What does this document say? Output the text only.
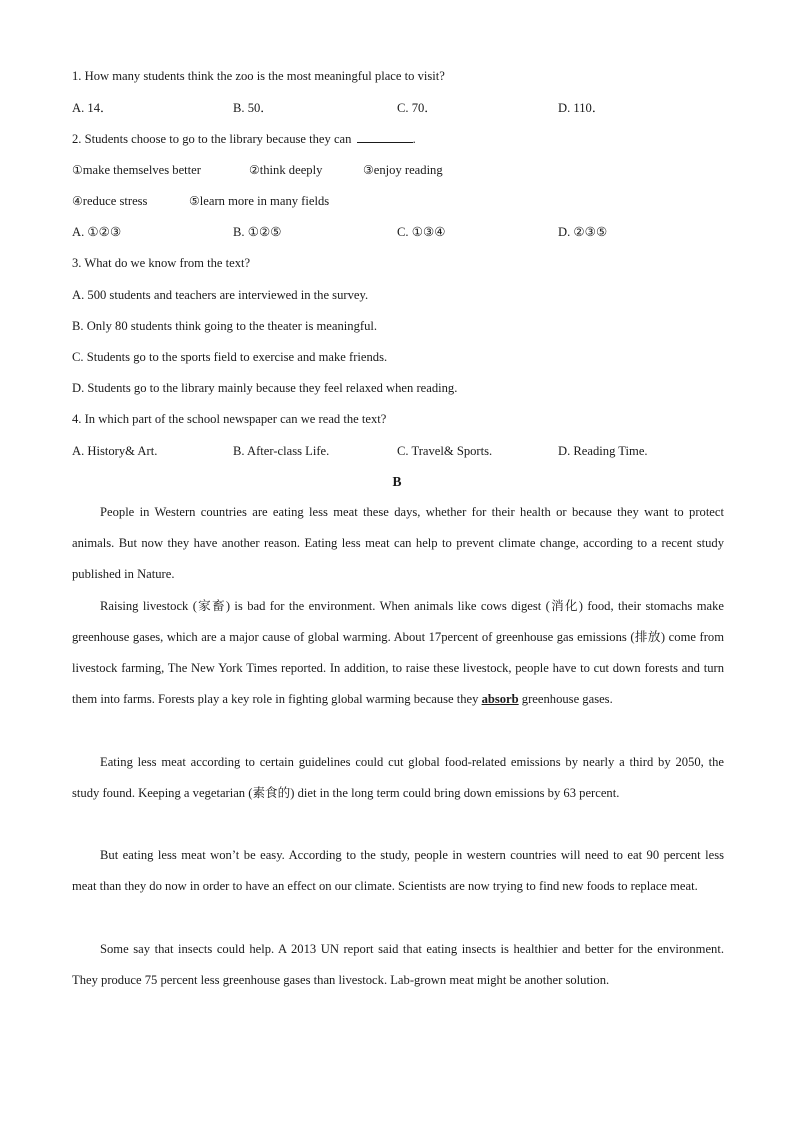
1. How many students think the zoo is the most meaningful place to visit?
A. 14．	B. 50．	C. 70．	D. 110．
2. Students choose to go to the library because they can	.
①make themselves better	②think deeply	③enjoy reading
④reduce stress	⑤learn more in many fields
A. ①②③	B. ①②⑤	C. ①③④	D. ②③⑤
3. What do we know from the text?
A. 500 students and teachers are interviewed in the survey.
B. Only 80 students think going to the theater is meaningful.
C. Students go to the sports field to exercise and make friends.
D. Students go to the library mainly because they feel relaxed when reading.
4. In which part of the school newspaper can we read the text?
A. History& Art.	B. After-class Life.	C. Travel& Sports.	D. Reading Time.
B

People in Western countries are eating less meat these days, whether for their health or because they want to protect animals. But now they have another reason. Eating less meat can help to prevent climate change, according to a recent study published in Nature.

Raising livestock (家畜) is bad for the environment. When animals like cows digest (消化) food, their stomachs make greenhouse gases, which are a major cause of global warming. About 17percent of greenhouse gas emissions (排放) come from livestock farming, The New York Times reported. In addition, to raise these livestock, people have to cut down forests and turn them into farms. Forests play a key role in fighting global warming because they absorb greenhouse gases.

Eating less meat according to certain guidelines could cut global food-related emissions by nearly a third by 2050, the study found. Keeping a vegetarian (素食的) diet in the long term could bring down emissions by 63 percent.

But eating less meat won’t be easy. According to the study, people in western countries will need to eat 90 percent less meat than they do now in order to have an effect on our climate. Scientists are now trying to find new foods to replace meat.

Some say that insects could help. A 2013 UN report said that eating insects is healthier and better for the environment. They produce 75 percent less greenhouse gases than livestock. Lab-grown meat might be another solution.
